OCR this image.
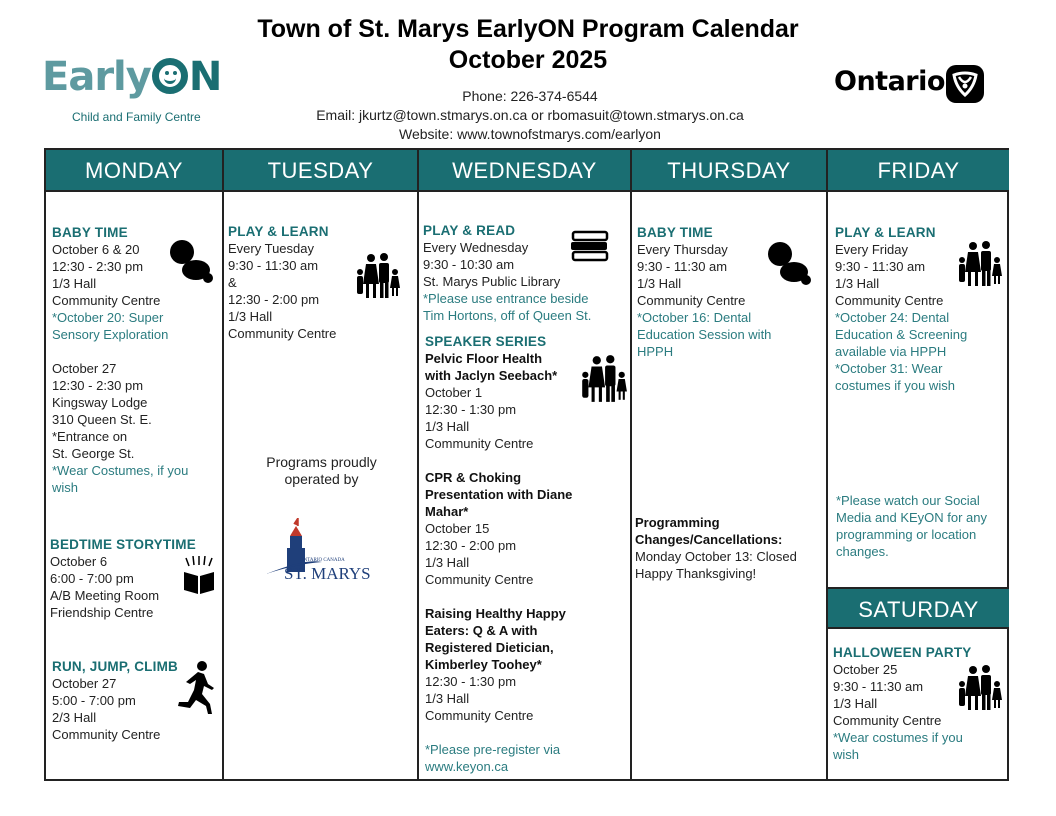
Town of St. Marys EarlyON Program Calendar
October 2025
Phone: 226-374-6544
Email: jkurtz@town.stmarys.on.ca or rbomasuit@town.stmarys.on.ca
Website: www.townofstmarys.com/earlyon
Early N
Child and Family Centre
Ontario
MONDAY
BABY TIME
October 6 & 20
12:30 - 2:30 pm
1/3 Hall
Community Centre
*October 20: Super
Sensory Exploration
October 27
12:30 - 2:30 pm
Kingsway Lodge
310 Queen St. E.
*Entrance on
St. George St.
*Wear Costumes, if you
wish
BEDTIME STORYTIME
October 6
6:00 - 7:00 pm
A/B Meeting Room
Friendship Centre
RUN, JUMP, CLIMB
October 27
5:00 - 7:00 pm
2/3 Hall
Community Centre
TUESDAY
PLAY & LEARN
Every Tuesday
9:30 - 11:30 am
&
12:30 - 2:00 pm
1/3 Hall
Community Centre
Programs proudly
operated by
ONTARIO CANADA
ST. MARYS
WEDNESDAY
PLAY & READ
Every Wednesday
9:30 - 10:30 am
St. Marys Public Library
*Please use entrance beside
Tim Hortons, off of Queen St.
SPEAKER SERIES
Pelvic Floor Health
with Jaclyn Seebach*
October 1
12:30 - 1:30 pm
1/3 Hall
Community Centre
CPR & Choking
Presentation with Diane
Mahar*
October 15
12:30 - 2:00 pm
1/3 Hall
Community Centre
Raising Healthy Happy
Eaters: Q & A with
Registered Dietician,
Kimberley Toohey*
12:30 - 1:30 pm
1/3 Hall
Community Centre
*Please pre-register via
www.keyon.ca
THURSDAY
BABY TIME
Every Thursday
9:30 - 11:30 am
1/3 Hall
Community Centre
*October 16: Dental
Education Session with
HPPH
Programming
Changes/Cancellations:
Monday October 13: Closed
Happy Thanksgiving!
FRIDAY
PLAY & LEARN
Every Friday
9:30 - 11:30 am
1/3 Hall
Community Centre
*October 24: Dental
Education & Screening
available via HPPH
*October 31: Wear
costumes if you wish
*Please watch our Social
Media and KEyON for any
programming or location
changes.
SATURDAY
HALLOWEEN PARTY
October 25
9:30 - 11:30 am
1/3 Hall
Community Centre
*Wear costumes if you
wish
